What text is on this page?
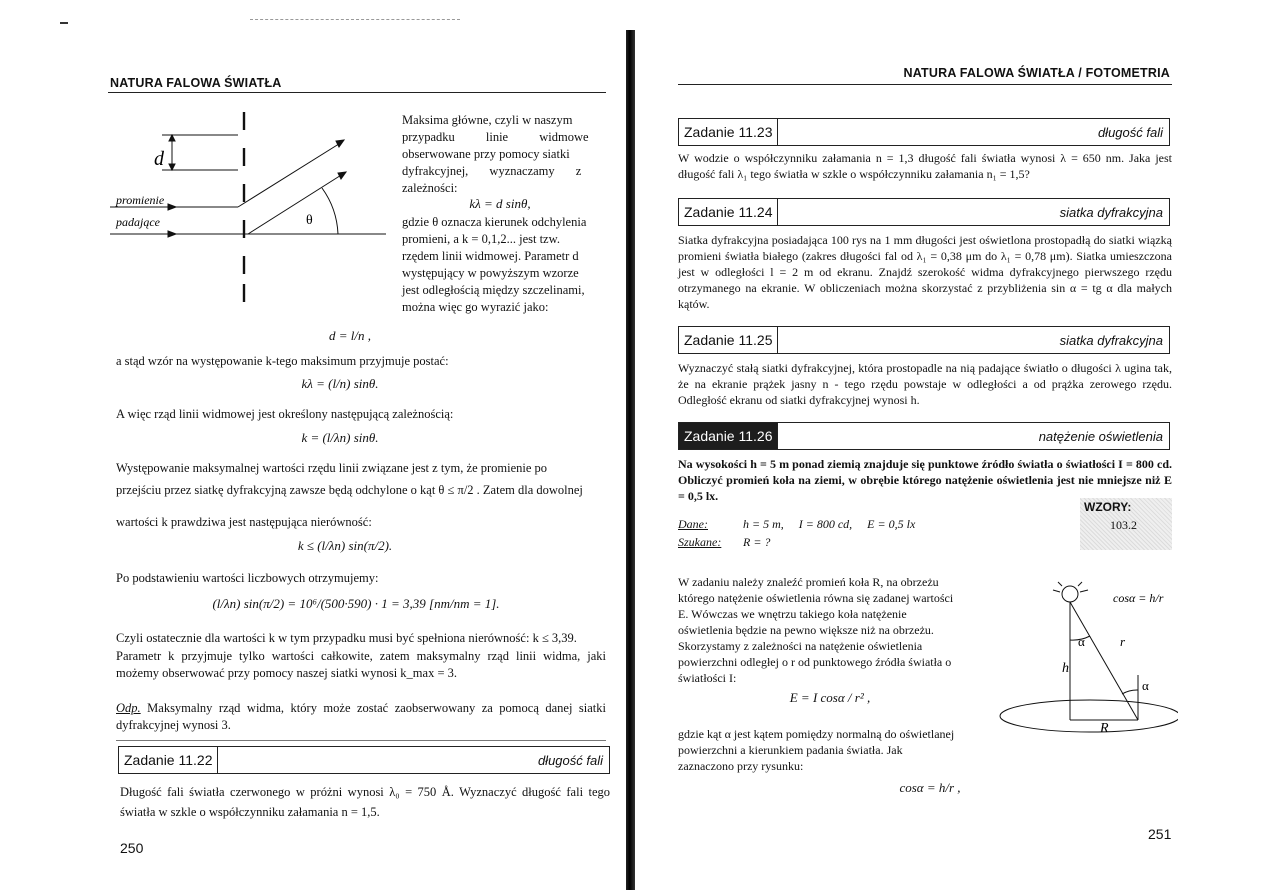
NATURA FALOWA ŚWIATŁA
d
promienie
padające	θ
Maksima główne, czyli w naszym
przypadku linie widmowe
obserwowane przy pomocy siatki
dyfrakcyjnej, wyznaczamy z
zależności:
kλ = d sinθ,
gdzie θ oznacza kierunek odchylenia
promieni, a k = 0,1,2... jest tzw.
rzędem linii widmowej. Parametr d
występujący w powyższym wzorze
jest odległością między szczelinami,
można więc go wyrazić jako:
d = l/n ,
a stąd wzór na występowanie k-tego maksimum przyjmuje postać:
kλ = (l/n) sinθ.
A więc rząd linii widmowej jest określony następującą zależnością:
k = (l/λn) sinθ.
Występowanie maksymalnej wartości rzędu linii związane jest z tym, że promienie po
przejściu przez siatkę dyfrakcyjną zawsze będą odchylone o kąt θ ≤ π/2 . Zatem dla dowolnej
wartości k prawdziwa jest następująca nierówność:
k ≤ (l/λn) sin(π/2).
Po podstawieniu wartości liczbowych otrzymujemy:
(l/λn) sin(π/2) = 10⁶/(500·590) · 1 = 3,39 [nm/nm = 1].
Czyli ostatecznie dla wartości k w tym przypadku musi być spełniona nierówność: k ≤ 3,39.
Parametr k przyjmuje tylko wartości całkowite, zatem maksymalny rząd linii widma, jaki możemy obserwować przy pomocy naszej siatki wynosi k_max = 3.
Odp. Maksymalny rząd widma, który może zostać zaobserwowany za pomocą danej siatki dyfrakcyjnej wynosi 3.
Zadanie 11.22	długość fali
Długość fali światła czerwonego w próżni wynosi λ₀ = 750 Å. Wyznaczyć długość fali tego światła w szkle o współczynniku załamania n = 1,5.
250
NATURA FALOWA ŚWIATŁA / FOTOMETRIA
Zadanie 11.23	długość fali
W wodzie o współczynniku załamania n = 1,3 długość fali światła wynosi λ = 650 nm. Jaka jest długość fali λ₁ tego światła w szkle o współczynniku załamania n₁ = 1,5?
Zadanie 11.24	siatka dyfrakcyjna
Siatka dyfrakcyjna posiadająca 100 rys na 1 mm długości jest oświetlona prostopadłą do siatki wiązką promieni światła białego (zakres długości fal od λ₁ = 0,38 μm do λ₁ = 0,78 μm). Siatka umieszczona jest w odległości l = 2 m od ekranu. Znajdź szerokość widma dyfrakcyjnego pierwszego rzędu otrzymanego na ekranie. W obliczeniach można skorzystać z przybliżenia sin α = tg α dla małych kątów.
Zadanie 11.25	siatka dyfrakcyjna
Wyznaczyć stałą siatki dyfrakcyjnej, która prostopadle na nią padające światło o długości λ ugina tak, że na ekranie prążek jasny n - tego rzędu powstaje w odległości a od prążka zerowego rzędu. Odległość ekranu od siatki dyfrakcyjnej wynosi h.
Zadanie 11.26	natężenie oświetlenia
Na wysokości h = 5 m ponad ziemią znajduje się punktowe źródło światła o światłości I = 800 cd. Obliczyć promień koła na ziemi, w obrębie którego natężenie oświetlenia jest nie mniejsze niż E = 0,5 lx.
WZORY:
103.2
Dane:	h = 5 m,     I = 800 cd,     E = 0,5 lx
Szukane: R = ?
W zadaniu należy znaleźć promień koła R, na obrzeżu
którego natężenie oświetlenia równa się zadanej wartości
E. Wówczas we wnętrzu takiego koła natężenie
oświetlenia będzie na pewno większe niż na obrzeżu.
Skorzystamy z zależności na natężenie oświetlenia
powierzchni odległej o r od punktowego źródła światła o
światłości I:
E = I cosα / r² ,
gdzie kąt α jest kątem pomiędzy normalną do oświetlanej
powierzchni a kierunkiem padania światła. Jak
zaznaczono przy rysunku:
cosα = h/r ,
cosα = h/r
α	r
h
α
R
251
